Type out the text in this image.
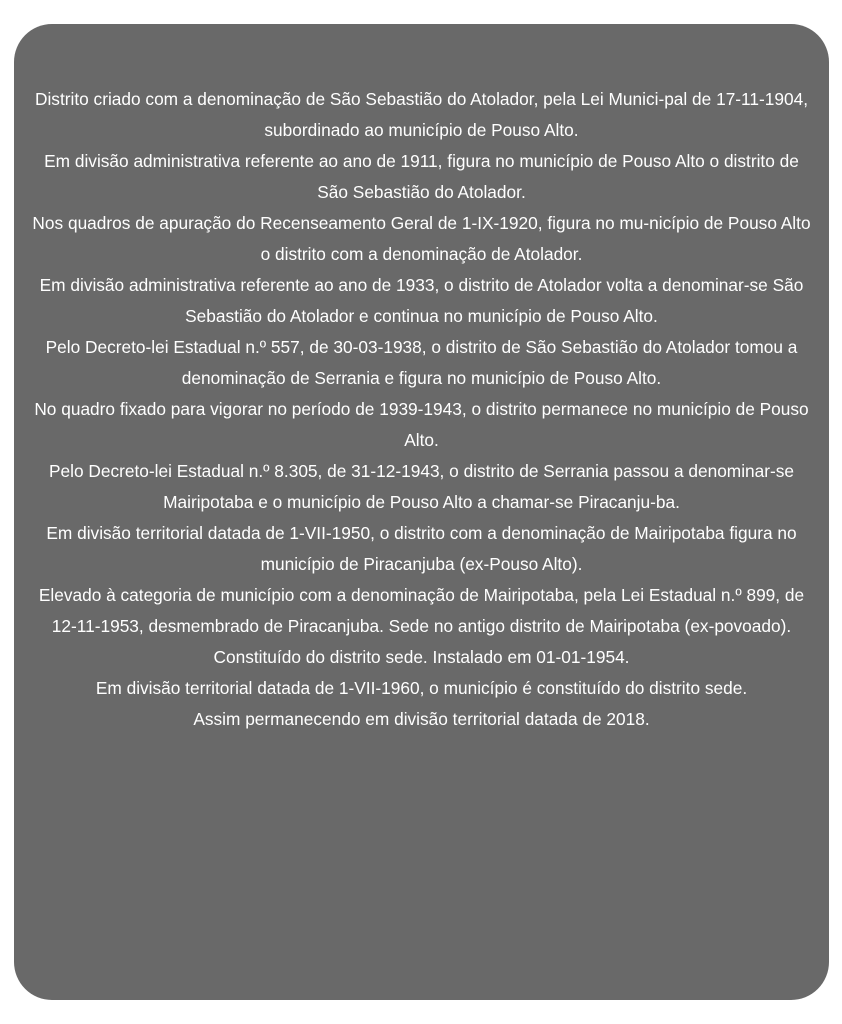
Distrito criado com a denominação de São Sebastião do Atolador, pela Lei Munici-pal de 17-11-1904, subordinado ao município de Pouso Alto.
Em divisão administrativa referente ao ano de 1911, figura no município de Pouso Alto o distrito de São Sebastião do Atolador.
Nos quadros de apuração do Recenseamento Geral de 1-IX-1920, figura no mu-nicípio de Pouso Alto o distrito com a denominação de Atolador.
Em divisão administrativa referente ao ano de 1933, o distrito de Atolador volta a denominar-se São Sebastião do Atolador e continua no município de Pouso Alto.
Pelo Decreto-lei Estadual n.º 557, de 30-03-1938, o distrito de São Sebastião do Atolador tomou a denominação de Serrania e figura no município de Pouso Alto.
No quadro fixado para vigorar no período de 1939-1943, o distrito permanece no município de Pouso Alto.
Pelo Decreto-lei Estadual n.º 8.305, de 31-12-1943, o distrito de Serrania passou a denominar-se Mairipotaba e o município de Pouso Alto a chamar-se Piracanju-ba.
Em divisão territorial datada de 1-VII-1950, o distrito com a denominação de Mairipotaba figura no município de Piracanjuba (ex-Pouso Alto).
Elevado à categoria de município com a denominação de Mairipotaba, pela Lei Estadual n.º 899, de 12-11-1953, desmembrado de Piracanjuba. Sede no antigo distrito de Mairipotaba (ex-povoado). Constituído do distrito sede. Instalado em 01-01-1954.
Em divisão territorial datada de 1-VII-1960, o município é constituído do distrito sede.
Assim permanecendo em divisão territorial datada de 2018.
